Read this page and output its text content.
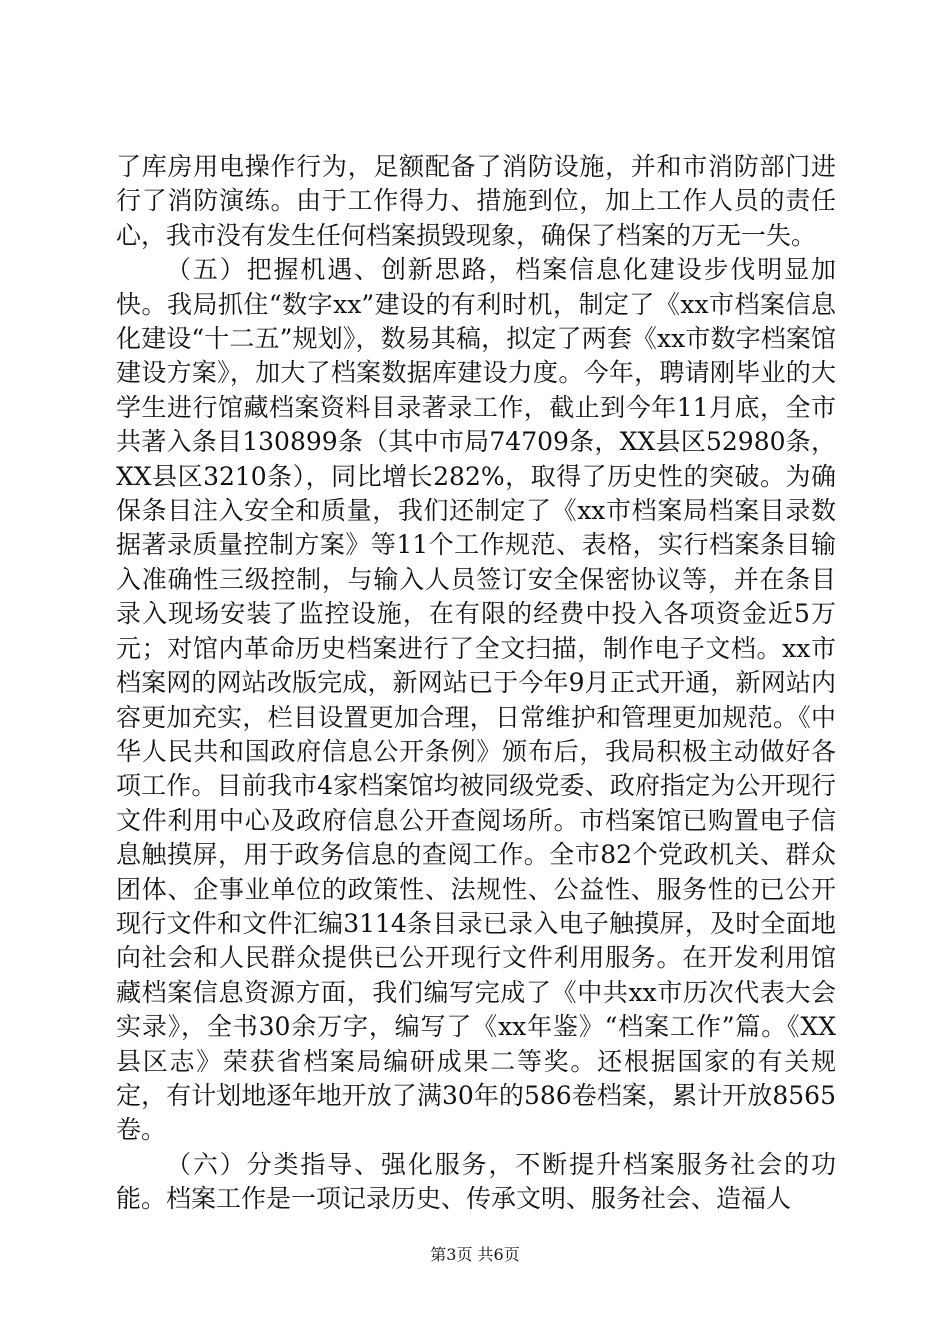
了库房用电操作行为，足额配备了消防设施，并和市消防部门进行了消防演练。由于工作得力、措施到位，加上工作人员的责任心，我市没有发生任何档案损毁现象，确保了档案的万无一失。

（五）把握机遇、创新思路，档案信息化建设步伐明显加快。我局抓住“数字xx”建设的有利时机，制定了《xx市档案信息化建设“十二五”规划》，数易其稿，拟定了两套《xx市数字档案馆建设方案》，加大了档案数据库建设力度。今年，聘请刚毕业的大学生进行馆藏档案资料目录著录工作，截止到今年11月底，全市共著入条目130899条（其中市局74709条，XX县区52980条，XX县区3210条），同比增长282%，取得了历史性的突破。为确保条目注入安全和质量，我们还制定了《xx市档案局档案目录数据著录质量控制方案》等11个工作规范、表格，实行档案条目输入准确性三级控制，与输入人员签订安全保密协议等，并在条目录入现场安装了监控设施，在有限的经费中投入各项资金近5万元；对馆内革命历史档案进行了全文扫描，制作电子文档。xx市档案网的网站改版完成，新网站已于今年9月正式开通，新网站内容更加充实，栏目设置更加合理，日常维护和管理更加规范。《中华人民共和国政府信息公开条例》颁布后，我局积极主动做好各项工作。目前我市4家档案馆均被同级党委、政府指定为公开现行文件利用中心及政府信息公开查阅场所。市档案馆已购置电子信息触摸屏，用于政务信息的查阅工作。全市82个党政机关、群众团体、企事业单位的政策性、法规性、公益性、服务性的已公开现行文件和文件汇编3114条目录已录入电子触摸屏，及时全面地向社会和人民群众提供已公开现行文件利用服务。在开发利用馆藏档案信息资源方面，我们编写完成了《中共xx市历次代表大会实录》，全书30余万字，编写了《xx年鉴》“档案工作”篇。《XX县区志》荣获省档案局编研成果二等奖。还根据国家的有关规定，有计划地逐年地开放了满30年的586卷档案，累计开放8565卷。

（六）分类指导、强化服务，不断提升档案服务社会的功能。档案工作是一项记录历史、传承文明、服务社会、造福人

第3页 共6页
